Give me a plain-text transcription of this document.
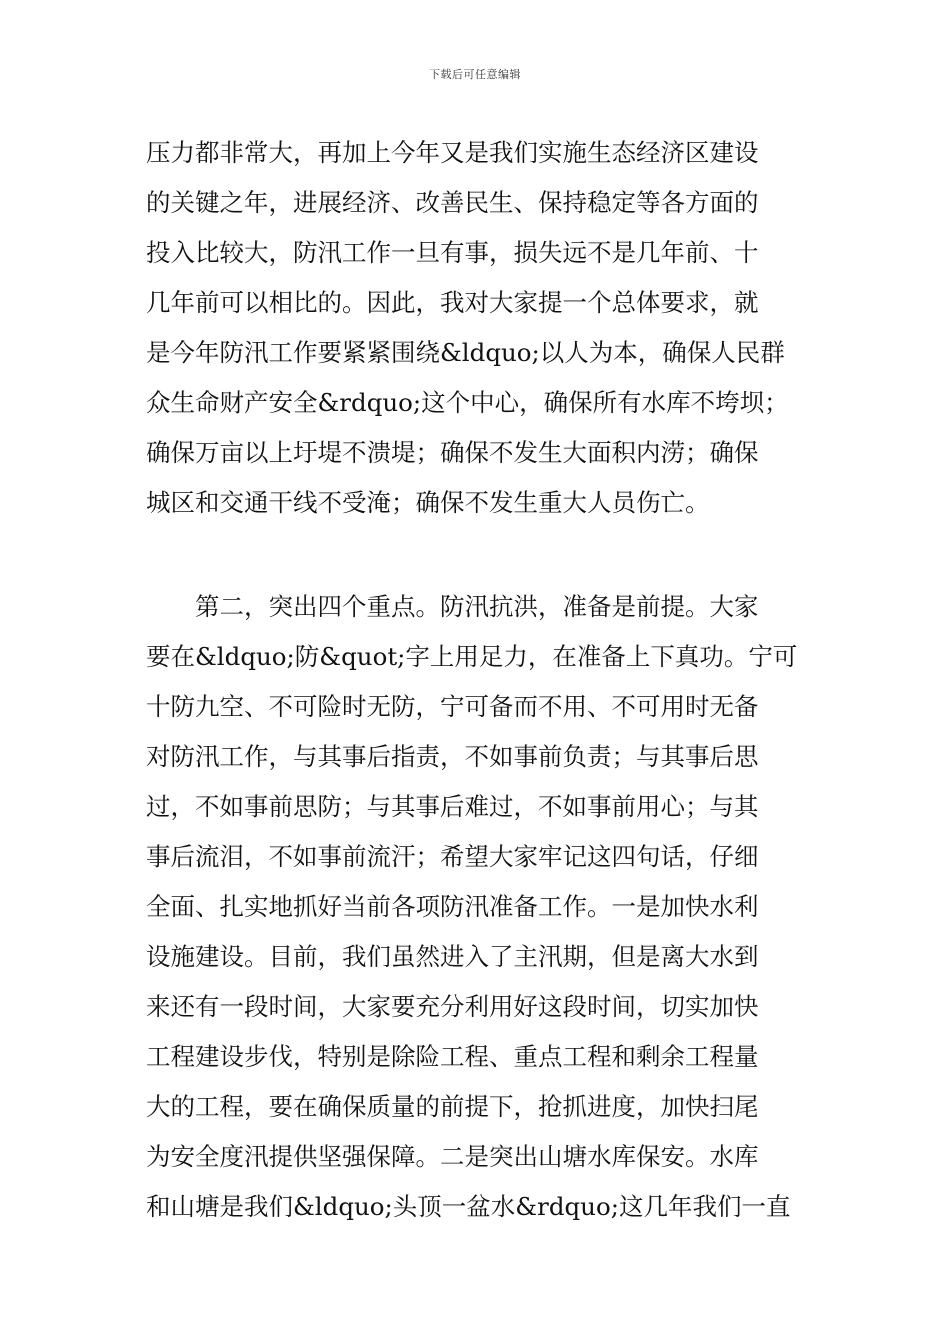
下载后可任意编辑
压力都非常大，再加上今年又是我们实施生态经济区建设
的关键之年，进展经济、改善民生、保持稳定等各方面的
投入比较大，防汛工作一旦有事，损失远不是几年前、十
几年前可以相比的。因此，我对大家提一个总体要求，就
是今年防汛工作要紧紧围绕&ldquo;以人为本，确保人民群
众生命财产安全&rdquo;这个中心，确保所有水库不垮坝；
确保万亩以上圩堤不溃堤；确保不发生大面积内涝；确保
城区和交通干线不受淹；确保不发生重大人员伤亡。
第二，突出四个重点。防汛抗洪，准备是前提。大家
要在&ldquo;防&quot;字上用足力，在准备上下真功。宁可
十防九空、不可险时无防，宁可备而不用、不可用时无备
对防汛工作，与其事后指责，不如事前负责；与其事后思
过，不如事前思防；与其事后难过，不如事前用心；与其
事后流泪，不如事前流汗；希望大家牢记这四句话，仔细
全面、扎实地抓好当前各项防汛准备工作。一是加快水利
设施建设。目前，我们虽然进入了主汛期，但是离大水到
来还有一段时间，大家要充分利用好这段时间，切实加快
工程建设步伐，特别是除险工程、重点工程和剩余工程量
大的工程，要在确保质量的前提下，抢抓进度，加快扫尾
为安全度汛提供坚强保障。二是突出山塘水库保安。水库
和山塘是我们&ldquo;头顶一盆水&rdquo;这几年我们一直
